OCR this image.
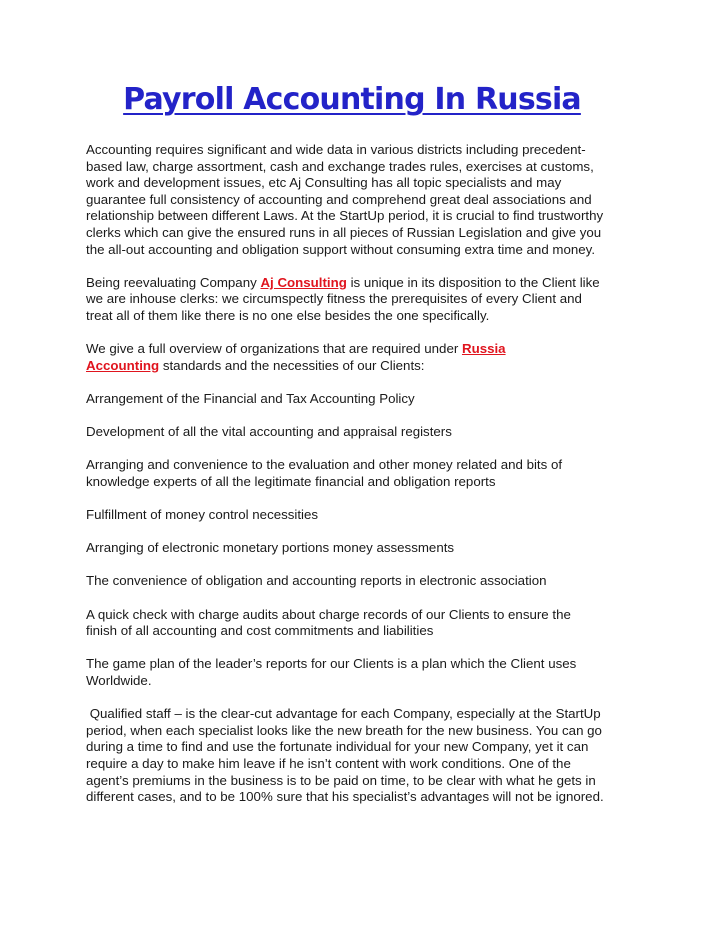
Payroll Accounting In Russia

Accounting requires significant and wide data in various districts including precedent-
based law, charge assortment, cash and exchange trades rules, exercises at customs,
work and development issues, etc Aj Consulting has all topic specialists and may
guarantee full consistency of accounting and comprehend great deal associations and
relationship between different Laws. At the StartUp period, it is crucial to find trustworthy
clerks which can give the ensured runs in all pieces of Russian Legislation and give you
the all-out accounting and obligation support without consuming extra time and money.

Being reevaluating Company Aj Consulting is unique in its disposition to the Client like
we are inhouse clerks: we circumspectly fitness the prerequisites of every Client and
treat all of them like there is no one else besides the one specifically.

We give a full overview of organizations that are required under Russia
Accounting standards and the necessities of our Clients:

Arrangement of the Financial and Tax Accounting Policy

Development of all the vital accounting and appraisal registers

Arranging and convenience to the evaluation and other money related and bits of
knowledge experts of all the legitimate financial and obligation reports

Fulfillment of money control necessities

Arranging of electronic monetary portions money assessments

The convenience of obligation and accounting reports in electronic association

A quick check with charge audits about charge records of our Clients to ensure the
finish of all accounting and cost commitments and liabilities

The game plan of the leader’s reports for our Clients is a plan which the Client uses
Worldwide.

Qualified staff – is the clear-cut advantage for each Company, especially at the StartUp
period, when each specialist looks like the new breath for the new business. You can go
during a time to find and use the fortunate individual for your new Company, yet it can
require a day to make him leave if he isn’t content with work conditions. One of the
agent’s premiums in the business is to be paid on time, to be clear with what he gets in
different cases, and to be 100% sure that his specialist’s advantages will not be ignored.
